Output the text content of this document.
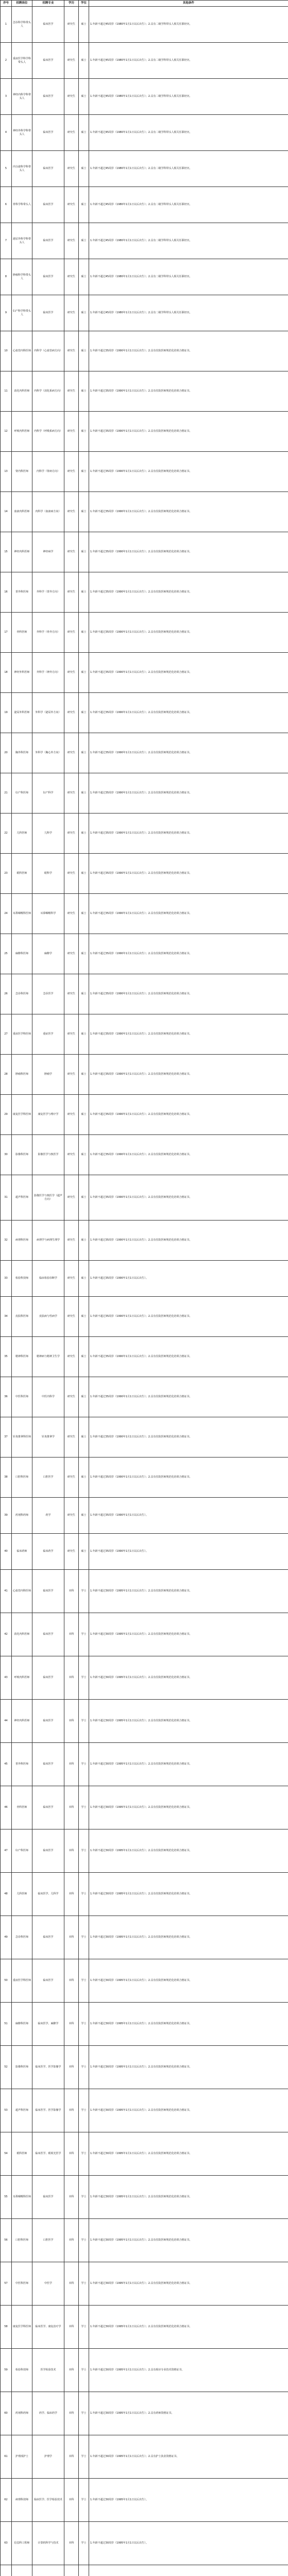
序号	招聘岗位	招聘专业	学历	学位	其他条件
1	急诊科学科带头人	临床医学	研究生	硕士	1.年龄不超过45周岁（1980年1月1日以后出生）；2.具有二级学科带头人相关任职经历。
2	重症医学科学科带头人	临床医学	研究生	硕士	1.年龄不超过45周岁（1980年1月1日以后出生）；2.具有二级学科带头人相关任职经历。
3	神经内科学科带头人	临床医学	研究生	硕士	1.年龄不超过45周岁（1980年1月1日以后出生）；2.具有二级学科带头人相关任职经历。
4	神经外科学科带头人	临床医学	研究生	硕士	1.年龄不超过45周岁（1980年1月1日以后出生）；2.具有二级学科带头人相关任职经历。
5	内分泌科学科带头人	临床医学	研究生	硕士	1.年龄不超过45周岁（1980年1月1日以后出生）；2.具有二级学科带头人相关任职经历。
6	骨科学科带头人	临床医学	研究生	硕士	1.年龄不超过45周岁（1980年1月1日以后出生）；2.具有二级学科带头人相关任职经历。
7	泌尿外科学科带头人	临床医学	研究生	硕士	1.年龄不超过45周岁（1980年1月1日以后出生）；2.具有二级学科带头人相关任职经历。
8	肿瘤科学科带头人	临床医学	研究生	硕士	1.年龄不超过45周岁（1980年1月1日以后出生）；2.具有二级学科带头人相关任职经历。
9	妇产科学科带头人	临床医学	研究生	硕士	1.年龄不超过45周岁（1980年1月1日以后出生）；2.具有二级学科带头人相关任职经历。
10	心血管内科医师	内科学（心血管病方向）	研究生	硕士	1.年龄不超过35周岁（1990年1月1日以后出生）；2.具有住院医师规范化培训合格证书。
11	消化内科医师	内科学（消化系病方向）	研究生	硕士	1.年龄不超过35周岁（1990年1月1日以后出生）；2.具有住院医师规范化培训合格证书。
12	呼吸内科医师	内科学（呼吸系病方向）	研究生	硕士	1.年龄不超过35周岁（1990年1月1日以后出生）；2.具有住院医师规范化培训合格证书。
13	肾内科医师	内科学（肾病方向）	研究生	硕士	1.年龄不超过35周岁（1990年1月1日以后出生）；2.具有住院医师规范化培训合格证书。
14	血液内科医师	内科学（血液病方向）	研究生	硕士	1.年龄不超过35周岁（1990年1月1日以后出生）；2.具有住院医师规范化培训合格证书。
15	神经内科医师	神经病学	研究生	硕士	1.年龄不超过35周岁（1990年1月1日以后出生）；2.具有住院医师规范化培训合格证书。
16	普外科医师	外科学（普外方向）	研究生	硕士	1.年龄不超过35周岁（1990年1月1日以后出生）；2.具有住院医师规范化培训合格证书。
17	骨科医师	外科学（骨外方向）	研究生	硕士	1.年龄不超过35周岁（1990年1月1日以后出生）；2.具有住院医师规范化培训合格证书。
18	神经外科医师	外科学（神外方向）	研究生	硕士	1.年龄不超过35周岁（1990年1月1日以后出生）；2.具有住院医师规范化培训合格证书。
19	泌尿外科医师	外科学（泌尿外方向）	研究生	硕士	1.年龄不超过35周岁（1990年1月1日以后出生）；2.具有住院医师规范化培训合格证书。
20	胸外科医师	外科学（胸心外方向）	研究生	硕士	1.年龄不超过35周岁（1990年1月1日以后出生）；2.具有住院医师规范化培训合格证书。
21	妇产科医师	妇产科学	研究生	硕士	1.年龄不超过35周岁（1990年1月1日以后出生）；2.具有住院医师规范化培训合格证书。
22	儿科医师	儿科学	研究生	硕士	1.年龄不超过35周岁（1990年1月1日以后出生）；2.具有住院医师规范化培训合格证书。
23	眼科医师	眼科学	研究生	硕士	1.年龄不超过35周岁（1990年1月1日以后出生）；2.具有住院医师规范化培训合格证书。
24	耳鼻咽喉科医师	耳鼻咽喉科学	研究生	硕士	1.年龄不超过35周岁（1990年1月1日以后出生）；2.具有住院医师规范化培训合格证书。
25	麻醉科医师	麻醉学	研究生	硕士	1.年龄不超过35周岁（1990年1月1日以后出生）；2.具有住院医师规范化培训合格证书。
26	急诊科医师	急诊医学	研究生	硕士	1.年龄不超过35周岁（1990年1月1日以后出生）；2.具有住院医师规范化培训合格证书。
27	重症医学科医师	重症医学	研究生	硕士	1.年龄不超过35周岁（1990年1月1日以后出生）；2.具有住院医师规范化培训合格证书。
28	肿瘤科医师	肿瘤学	研究生	硕士	1.年龄不超过35周岁（1990年1月1日以后出生）；2.具有住院医师规范化培训合格证书。
29	康复医学科医师	康复医学与理疗学	研究生	硕士	1.年龄不超过35周岁（1990年1月1日以后出生）；2.具有住院医师规范化培训合格证书。
30	影像科医师	影像医学与核医学	研究生	硕士	1.年龄不超过35周岁（1990年1月1日以后出生）；2.具有住院医师规范化培训合格证书。
31	超声科医师	影像医学与核医学（超声方向）	研究生	硕士	1.年龄不超过35周岁（1990年1月1日以后出生）；2.具有住院医师规范化培训合格证书。
32	病理科医师	病理学与病理生理学	研究生	硕士	1.年龄不超过35周岁（1990年1月1日以后出生）；2.具有住院医师规范化培训合格证书。
33	检验科技师	临床检验诊断学	研究生	硕士	1.年龄不超过35周岁（1990年1月1日以后出生）。
34	皮肤科医师	皮肤病与性病学	研究生	硕士	1.年龄不超过35周岁（1990年1月1日以后出生）；2.具有住院医师规范化培训合格证书。
35	精神科医师	精神病与精神卫生学	研究生	硕士	1.年龄不超过35周岁（1990年1月1日以后出生）；2.具有住院医师规范化培训合格证书。
36	中医科医师	中医内科学	研究生	硕士	1.年龄不超过35周岁（1990年1月1日以后出生）；2.具有住院医师规范化培训合格证书。
37	针灸推拿科医师	针灸推拿学	研究生	硕士	1.年龄不超过35周岁（1990年1月1日以后出生）；2.具有住院医师规范化培训合格证书。
38	口腔科医师	口腔医学	研究生	硕士	1.年龄不超过35周岁（1990年1月1日以后出生）；2.具有住院医师规范化培训合格证书。
39	药剂科药师	药学	研究生	硕士	1.年龄不超过35周岁（1990年1月1日以后出生）。
40	临床药师	临床药学	研究生	硕士	1.年龄不超过35周岁（1990年1月1日以后出生）。
41	心血管内科医师	临床医学	本科	学士	1.年龄不超过30周岁（1995年1月1日以后出生）；2.具有住院医师规范化培训合格证书。
42	消化内科医师	临床医学	本科	学士	1.年龄不超过30周岁（1995年1月1日以后出生）；2.具有住院医师规范化培训合格证书。
43	呼吸内科医师	临床医学	本科	学士	1.年龄不超过30周岁（1995年1月1日以后出生）；2.具有住院医师规范化培训合格证书。
44	神经内科医师	临床医学	本科	学士	1.年龄不超过30周岁（1995年1月1日以后出生）；2.具有住院医师规范化培训合格证书。
45	普外科医师	临床医学	本科	学士	1.年龄不超过30周岁（1995年1月1日以后出生）；2.具有住院医师规范化培训合格证书。
46	骨科医师	临床医学	本科	学士	1.年龄不超过30周岁（1995年1月1日以后出生）；2.具有住院医师规范化培训合格证书。
47	妇产科医师	临床医学	本科	学士	1.年龄不超过30周岁（1995年1月1日以后出生）；2.具有住院医师规范化培训合格证书。
48	儿科医师	临床医学、儿科学	本科	学士	1.年龄不超过30周岁（1995年1月1日以后出生）；2.具有住院医师规范化培训合格证书。
49	急诊科医师	临床医学	本科	学士	1.年龄不超过30周岁（1995年1月1日以后出生）；2.具有住院医师规范化培训合格证书。
50	重症医学科医师	临床医学	本科	学士	1.年龄不超过30周岁（1995年1月1日以后出生）；2.具有住院医师规范化培训合格证书。
51	麻醉科医师	临床医学、麻醉学	本科	学士	1.年龄不超过30周岁（1995年1月1日以后出生）；2.具有住院医师规范化培训合格证书。
52	影像科医师	临床医学、医学影像学	本科	学士	1.年龄不超过30周岁（1995年1月1日以后出生）；2.具有住院医师规范化培训合格证书。
53	超声科医师	临床医学、医学影像学	本科	学士	1.年龄不超过30周岁（1995年1月1日以后出生）；2.具有住院医师规范化培训合格证书。
54	眼科医师	临床医学、眼视光医学	本科	学士	1.年龄不超过30周岁（1995年1月1日以后出生）；2.具有住院医师规范化培训合格证书。
55	耳鼻咽喉科医师	临床医学	本科	学士	1.年龄不超过30周岁（1995年1月1日以后出生）；2.具有住院医师规范化培训合格证书。
56	口腔科医师	口腔医学	本科	学士	1.年龄不超过30周岁（1995年1月1日以后出生）；2.具有住院医师规范化培训合格证书。
57	中医科医师	中医学	本科	学士	1.年龄不超过30周岁（1995年1月1日以后出生）；2.具有住院医师规范化培训合格证书。
58	康复医学科医师	临床医学、康复治疗学	本科	学士	1.年龄不超过30周岁（1995年1月1日以后出生）；2.具有住院医师规范化培训合格证书。
59	检验科技师	医学检验技术	本科	学士	1.年龄不超过30周岁（1995年1月1日以后出生）；2.具有相应专业技术资格证书。
60	药剂科药师	药学、临床药学	本科	学士	1.年龄不超过30周岁（1995年1月1日以后出生）；2.具有药师资格证书。
61	护理部护士	护理学	本科	学士	1.年龄不超过30周岁（1995年1月1日以后出生）；2.具有护士执业资格证书。
62	病理科技师	临床医学、医学检验技术	本科	学士	1.年龄不超过30周岁（1995年1月1日以后出生）。
63	信息科工程师	计算机科学与技术	本科	学士	1.年龄不超过30周岁（1995年1月1日以后出生）。
